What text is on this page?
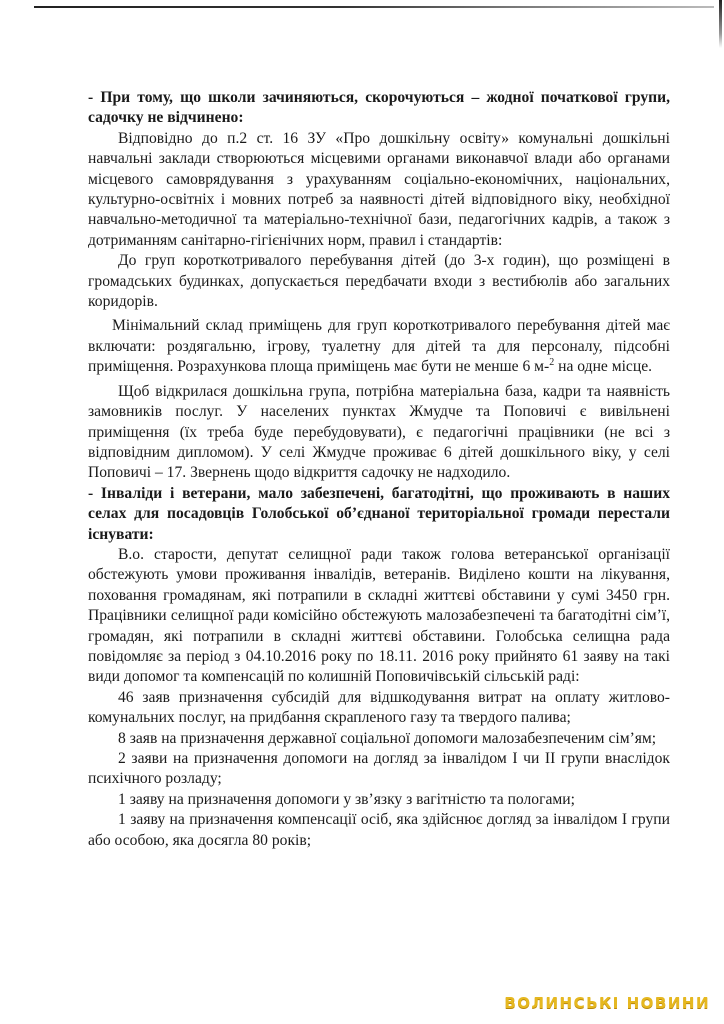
- При тому, що школи зачиняються, скорочуються – жодної початкової групи, садочку не відчинено:

Відповідно до п.2 ст. 16 ЗУ «Про дошкільну освіту» комунальні дошкільні навчальні заклади створюються місцевими органами виконавчої влади або органами місцевого самоврядування з урахуванням соціально-економічних, національних, культурно-освітніх і мовних потреб за наявності дітей відповідного віку, необхідної навчально-методичної та матеріально-технічної бази, педагогічних кадрів, а також з дотриманням санітарно-гігієнічних норм, правил і стандартів:

До груп короткотривалого перебування дітей (до 3-х годин), що розміщені в громадських будинках, допускається передбачати входи з вестибюлів або загальних коридорів.

Мінімальний склад приміщень для груп короткотривалого перебування дітей має включати: роздягальню, ігрову, туалетну для дітей та для персоналу, підсобні приміщення. Розрахункова площа приміщень має бути не менше 6 м-$^2$ на одне місце.

Щоб відкрилася дошкільна група, потрібна матеріальна база, кадри та наявність замовників послуг. У населених пунктах Жмудче та Поповичі є вивільнені приміщення (їх треба буде перебудовувати), є педагогічні працівники (не всі з відповідним дипломом). У селі Жмудче проживає 6 дітей дошкільного віку, у селі Поповичі – 17. Звернень щодо відкриття садочку не надходило.

- Інваліди і ветерани, мало забезпечені, багатодітні, що проживають в наших селах для посадовців Голобської об’єднаної територіальної громади перестали існувати:

В.о. старости, депутат селищної ради також голова ветеранської організації обстежують умови проживання інвалідів, ветеранів. Виділено кошти на лікування, поховання громадянам, які потрапили в складні життєві обставини у сумі 3450 грн. Працівники селищної ради комісійно обстежують малозабезпечені та багатодітні сім’ї, громадян, які потрапили в складні життєві обставини. Голобська селищна рада повідомляє за період з 04.10.2016 року по 18.11. 2016 року прийнято 61 заяву на такі види допомог та компенсацій по колишній Поповичівській сільській раді:

46 заяв призначення субсидій для відшкодування витрат на оплату житлово-комунальних послуг, на придбання скрапленого газу та твердого палива;

8 заяв на призначення державної соціальної допомоги малозабезпеченим сім’ям;

2 заяви на призначення допомоги на догляд за інвалідом I чи II групи внаслідок психічного розладу;

1 заяву на призначення допомоги у зв’язку з вагітністю та пологами;

1 заяву на призначення компенсації осіб, яка здійснює догляд за інвалідом I групи або особою, яка досягла 80 років;

ВОЛИНСЬКІ НОВИНИ
